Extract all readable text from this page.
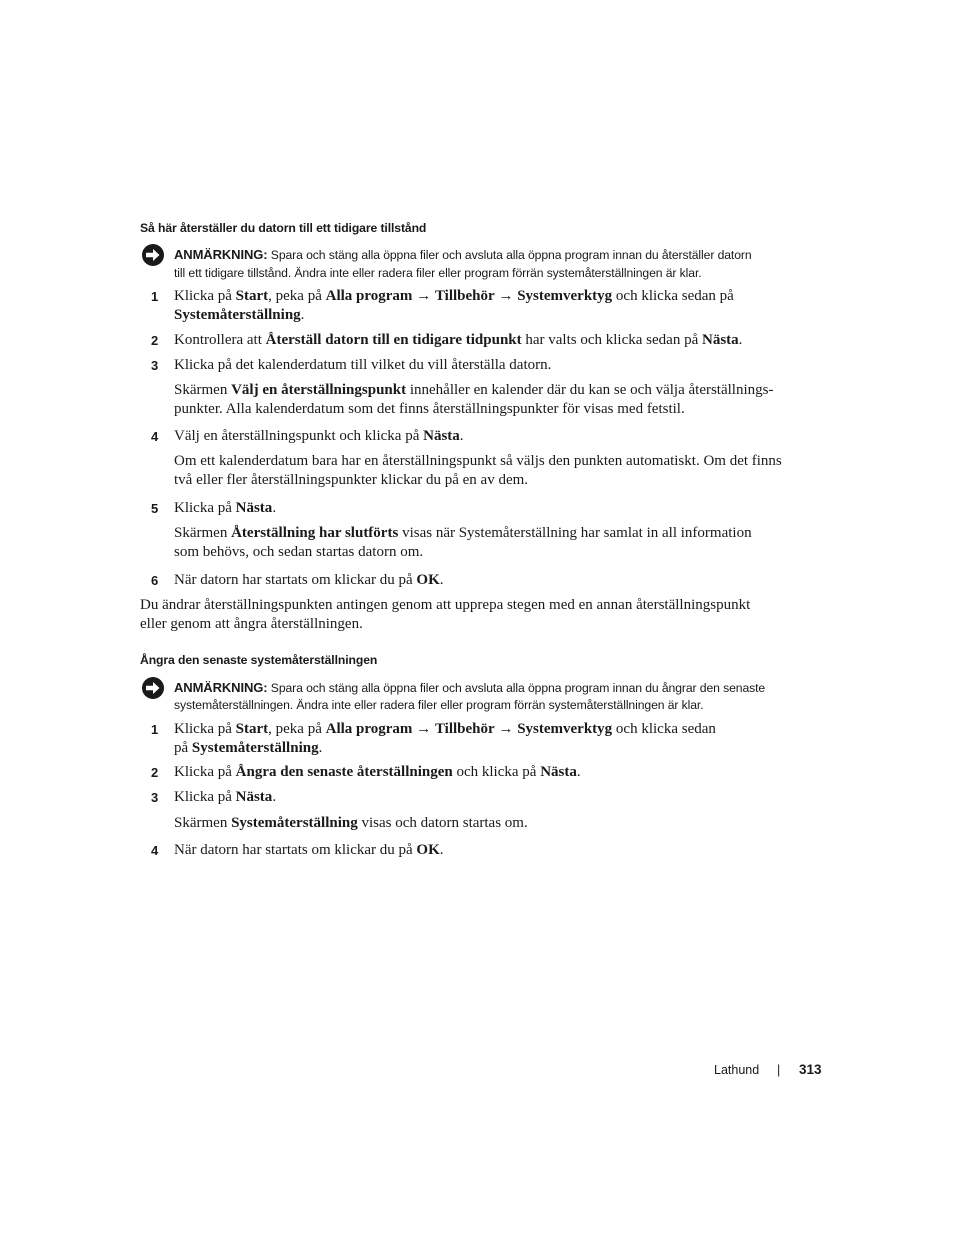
Så här återställer du datorn till ett tidigare tillstånd
ANMÄRKNING: Spara och stäng alla öppna filer och avsluta alla öppna program innan du återställer datorn
till ett tidigare tillstånd. Ändra inte eller radera filer eller program förrän systemåterställningen är klar.
1	Klicka på Start, peka på Alla program → Tillbehör → Systemverktyg och klicka sedan på
Systemåterställning.
2	Kontrollera att Återställ datorn till en tidigare tidpunkt har valts och klicka sedan på Nästa.
3	Klicka på det kalenderdatum till vilket du vill återställa datorn.
Skärmen Välj en återställningspunkt innehåller en kalender där du kan se och välja återställnings-
punkter. Alla kalenderdatum som det finns återställningspunkter för visas med fetstil.
4	Välj en återställningspunkt och klicka på Nästa.
Om ett kalenderdatum bara har en återställningspunkt så väljs den punkten automatiskt. Om det finns
två eller fler återställningspunkter klickar du på en av dem.
5	Klicka på Nästa.
Skärmen Återställning har slutförts visas när Systemåterställning har samlat in all information
som behövs, och sedan startas datorn om.
6	När datorn har startats om klickar du på OK.
Du ändrar återställningspunkten antingen genom att upprepa stegen med en annan återställningspunkt
eller genom att ångra återställningen.
Ångra den senaste systemåterställningen
ANMÄRKNING: Spara och stäng alla öppna filer och avsluta alla öppna program innan du ångrar den senaste
systemåterställningen. Ändra inte eller radera filer eller program förrän systemåterställningen är klar.
1	Klicka på Start, peka på Alla program → Tillbehör → Systemverktyg och klicka sedan
på Systemåterställning.
2	Klicka på Ångra den senaste återställningen och klicka på Nästa.
3	Klicka på Nästa.
Skärmen Systemåterställning visas och datorn startas om.
4	När datorn har startats om klickar du på OK.
Lathund | 313
